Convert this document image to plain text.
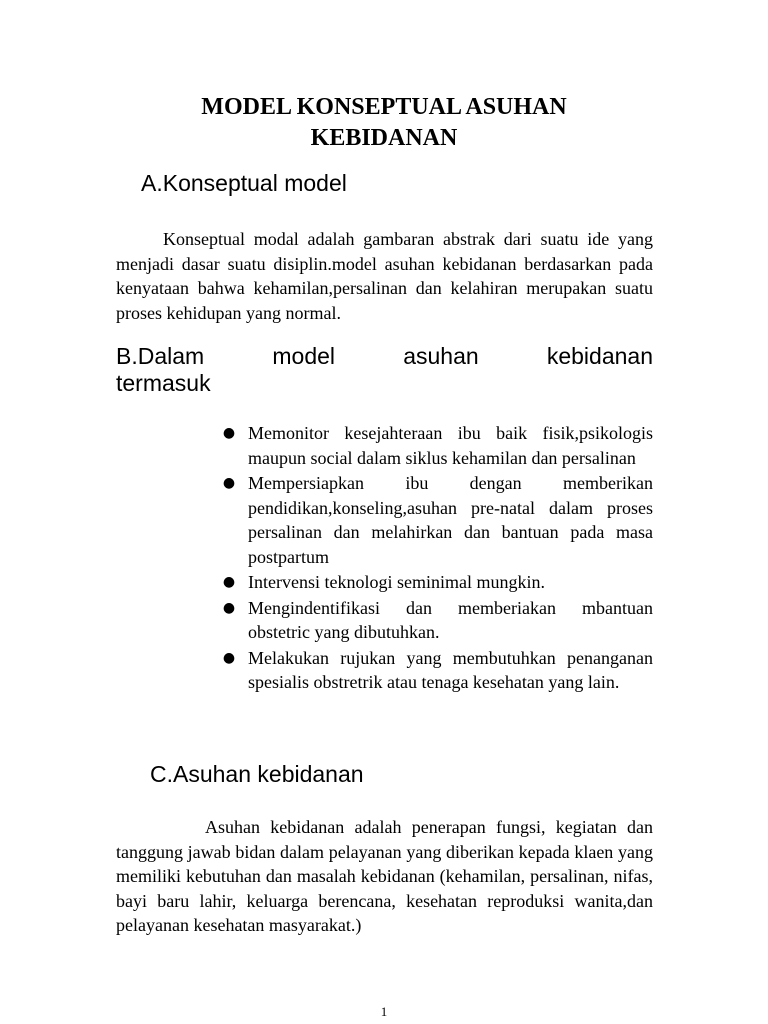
MODEL KONSEPTUAL ASUHAN
KEBIDANAN
A.Konseptual model

Konseptual modal adalah gambaran abstrak dari suatu ide yang menjadi dasar suatu disiplin.model asuhan kebidanan berdasarkan pada kenyataan bahwa kehamilan,persalinan dan kelahiran merupakan suatu proses kehidupan yang normal.

B.Dalam model asuhan kebidanan
termasuk
● Memonitor kesejahteraan ibu baik fisik,psikologis maupun social dalam siklus kehamilan dan persalinan
● Mempersiapkan ibu dengan memberikan pendidikan,konseling,asuhan pre-natal dalam proses persalinan dan melahirkan dan bantuan pada masa postpartum
● Intervensi teknologi seminimal mungkin.
● Mengindentifikasi dan memberiakan mbantuan obstetric yang dibutuhkan.
● Melakukan rujukan yang membutuhkan penanganan spesialis obstretrik atau tenaga kesehatan yang lain.
C.Asuhan kebidanan

Asuhan kebidanan adalah penerapan fungsi, kegiatan dan tanggung jawab bidan dalam pelayanan yang diberikan kepada klaen yang memiliki kebutuhan dan masalah kebidanan (kehamilan, persalinan, nifas, bayi baru lahir, keluarga berencana, kesehatan reproduksi wanita,dan pelayanan kesehatan masyarakat.)

1
